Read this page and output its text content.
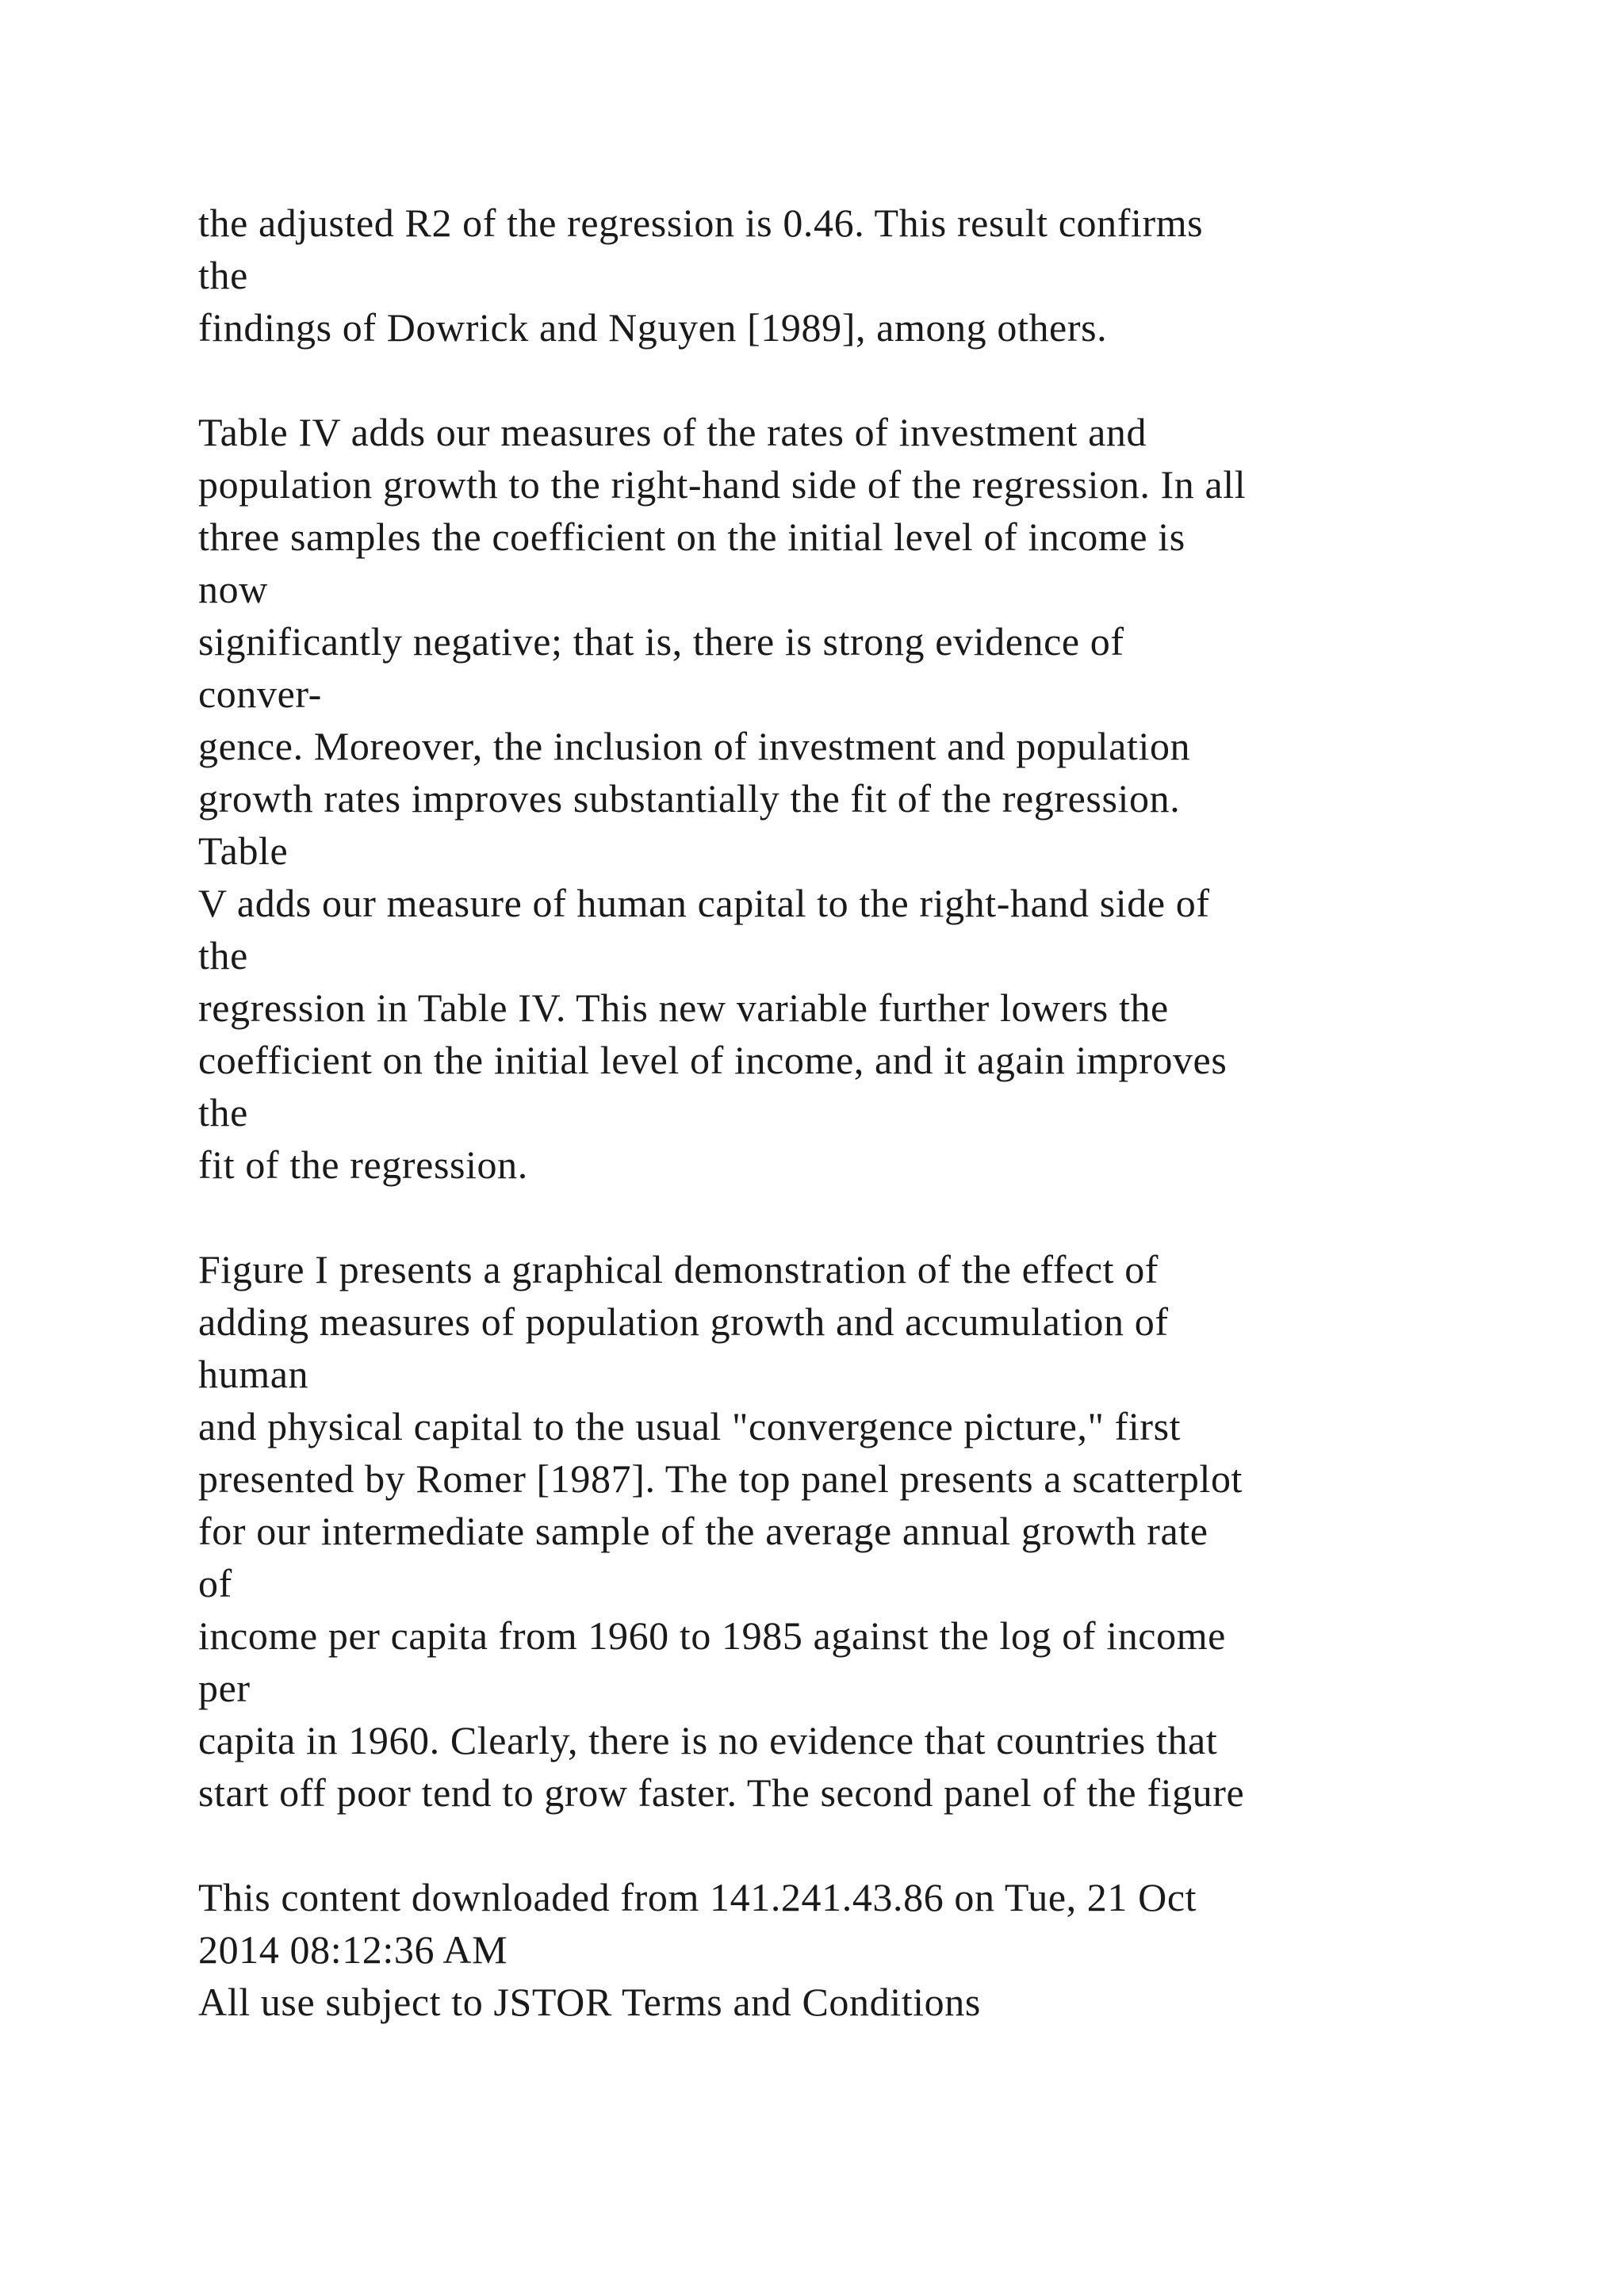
the adjusted R2 of the regression is 0.46. This result confirms
the
findings of Dowrick and Nguyen [1989], among others.
Table IV adds our measures of the rates of investment and
population growth to the right-hand side of the regression. In all
three samples the coefficient on the initial level of income is
now
significantly negative; that is, there is strong evidence of
conver-
gence. Moreover, the inclusion of investment and population
growth rates improves substantially the fit of the regression.
Table
V adds our measure of human capital to the right-hand side of
the
regression in Table IV. This new variable further lowers the
coefficient on the initial level of income, and it again improves
the
fit of the regression.
Figure I presents a graphical demonstration of the effect of
adding measures of population growth and accumulation of
human
and physical capital to the usual "convergence picture," first
presented by Romer [1987]. The top panel presents a scatterplot
for our intermediate sample of the average annual growth rate
of
income per capita from 1960 to 1985 against the log of income
per
capita in 1960. Clearly, there is no evidence that countries that
start off poor tend to grow faster. The second panel of the figure
This content downloaded from 141.241.43.86 on Tue, 21 Oct
2014 08:12:36 AM
All use subject to JSTOR Terms and Conditions
